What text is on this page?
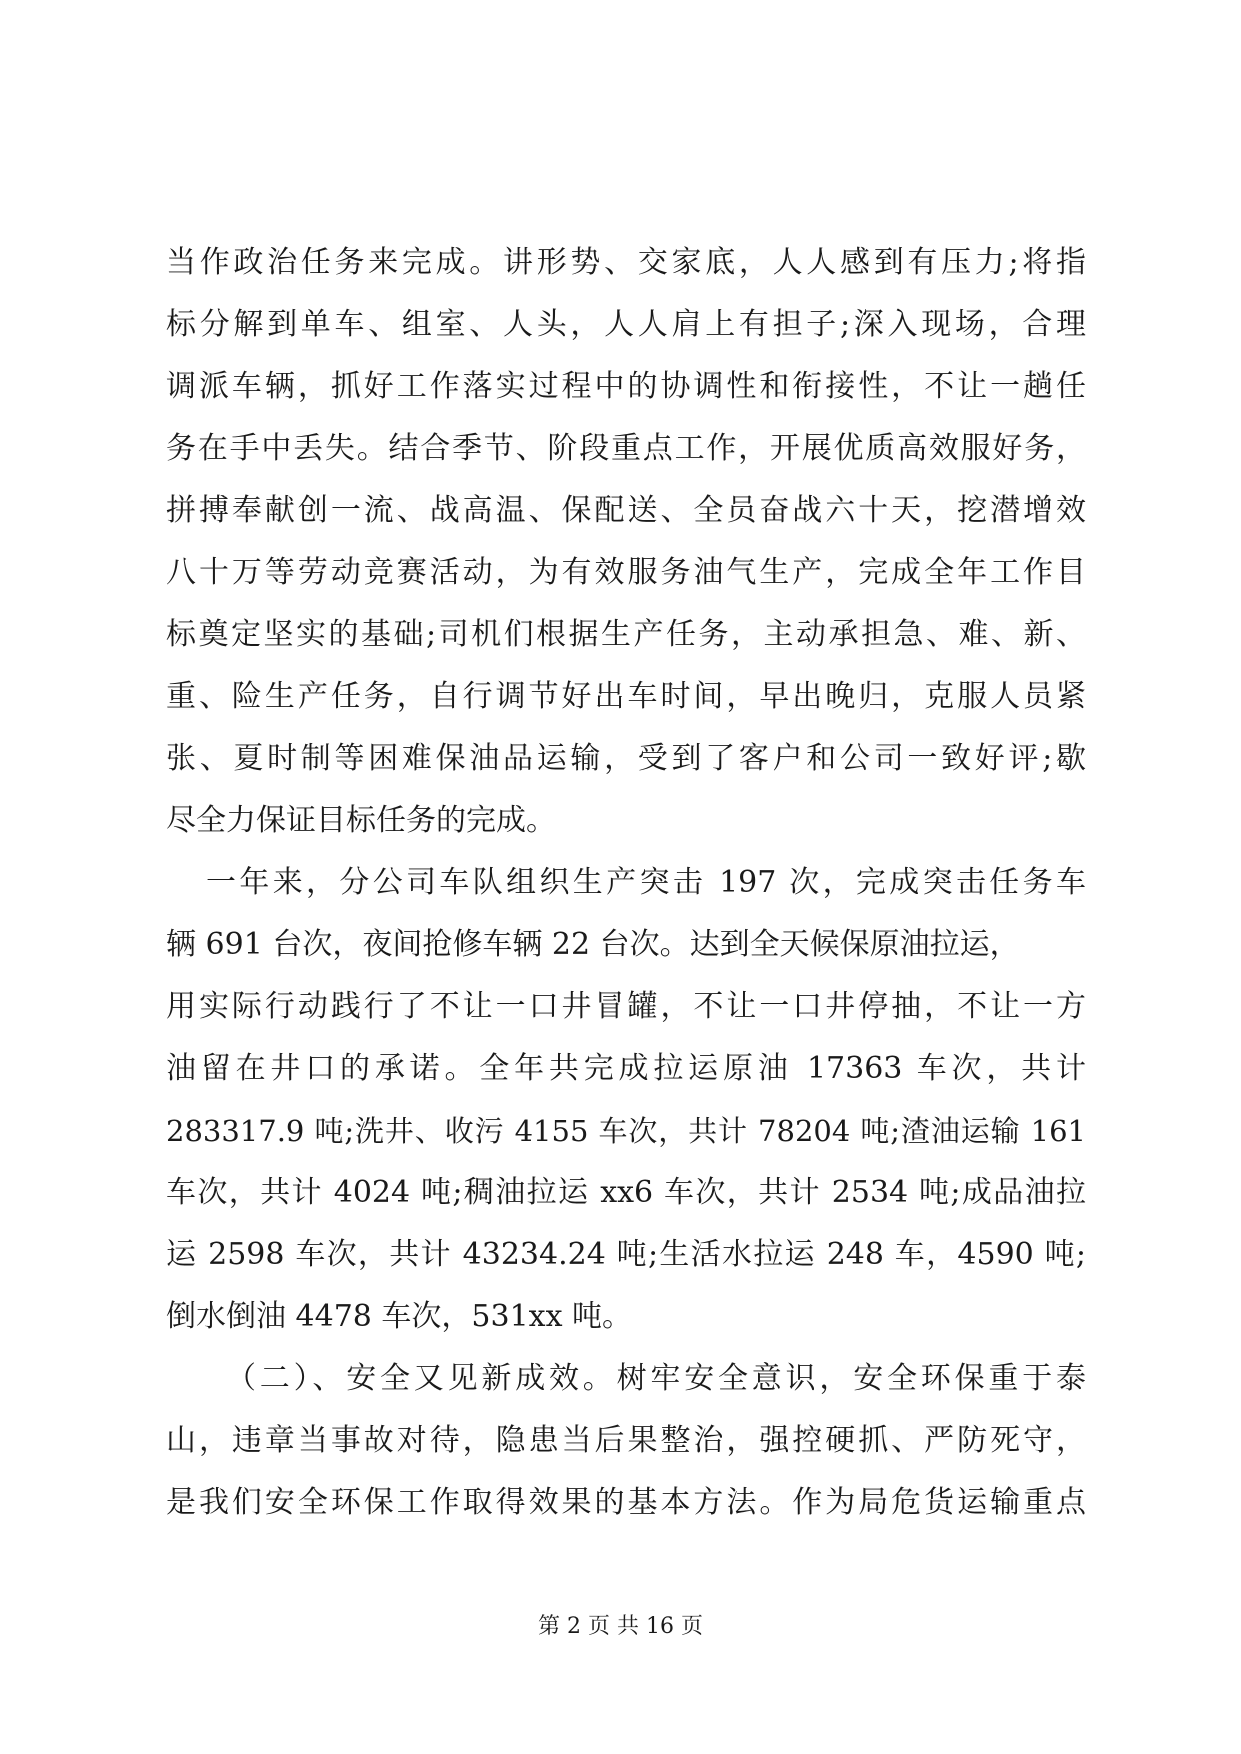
当作政治任务来完成。讲形势、交家底，人人感到有压力;将指
标分解到单车、组室、人头，人人肩上有担子;深入现场，合理
调派车辆，抓好工作落实过程中的协调性和衔接性，不让一趟任
务在手中丢失。结合季节、阶段重点工作，开展优质高效服好务，
拼搏奉献创一流、战高温、保配送、全员奋战六十天，挖潜增效
八十万等劳动竞赛活动，为有效服务油气生产，完成全年工作目
标奠定坚实的基础;司机们根据生产任务，主动承担急、难、新、
重、险生产任务，自行调节好出车时间，早出晚归，克服人员紧
张、夏时制等困难保油品运输，受到了客户和公司一致好评;歇
尽全力保证目标任务的完成。
一年来，分公司车队组织生产突击 197 次，完成突击任务车
辆 691 台次，夜间抢修车辆 22 台次。达到全天候保原油拉运，
用实际行动践行了不让一口井冒罐，不让一口井停抽，不让一方
油留在井口的承诺。全年共完成拉运原油 17363 车次，共计
283317.9 吨;洗井、收污 4155 车次，共计 78204 吨;渣油运输 161
车次，共计 4024 吨;稠油拉运 xx6 车次，共计 2534 吨;成品油拉
运 2598 车次，共计 43234.24 吨;生活水拉运 248 车，4590 吨;
倒水倒油 4478 车次，531xx 吨。
（二）、安全又见新成效。树牢安全意识，安全环保重于泰
山，违章当事故对待，隐患当后果整治，强控硬抓、严防死守，
是我们安全环保工作取得效果的基本方法。作为局危货运输重点
第 2 页 共 16 页
